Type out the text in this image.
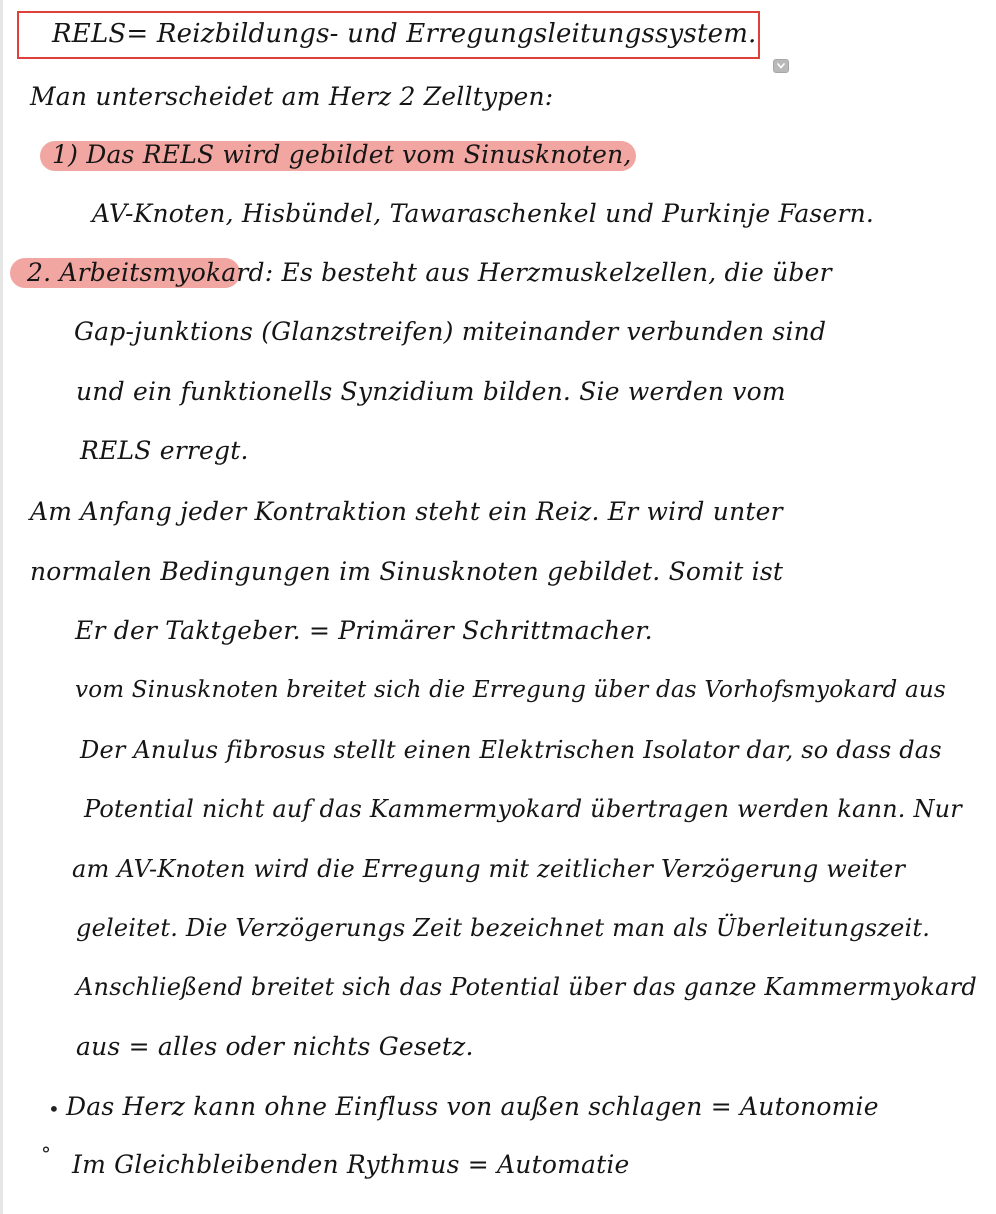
RELS= Reizbildungs- und Erregungsleitungssystem.
Man unterscheidet am Herz 2 Zelltypen:
1) Das RELS wird gebildet vom Sinusknoten,
AV-Knoten, Hisbündel, Tawaraschenkel und Purkinje Fasern.
2. Arbeitsmyokard: Es besteht aus Herzmuskelzellen, die über
Gap-junktions (Glanzstreifen) miteinander verbunden sind
und ein funktionells Synzidium bilden. Sie werden vom
RELS erregt.
Am Anfang jeder Kontraktion steht ein Reiz. Er wird unter
normalen Bedingungen im Sinusknoten gebildet. Somit ist
Er der Taktgeber. = Primärer Schrittmacher.
vom Sinusknoten breitet sich die Erregung über das Vorhofsmyokard aus
Der Anulus fibrosus stellt einen Elektrischen Isolator dar, so dass das
Potential nicht auf das Kammermyokard übertragen werden kann. Nur
am AV-Knoten wird die Erregung mit zeitlicher Verzögerung weiter
geleitet. Die Verzögerungs Zeit bezeichnet man als Überleitungszeit.
Anschließend breitet sich das Potential über das ganze Kammermyokard
aus = alles oder nichts Gesetz.
• Das Herz kann ohne Einfluss von außen schlagen = Autonomie
° Im Gleichbleibenden Rythmus = Automatie
